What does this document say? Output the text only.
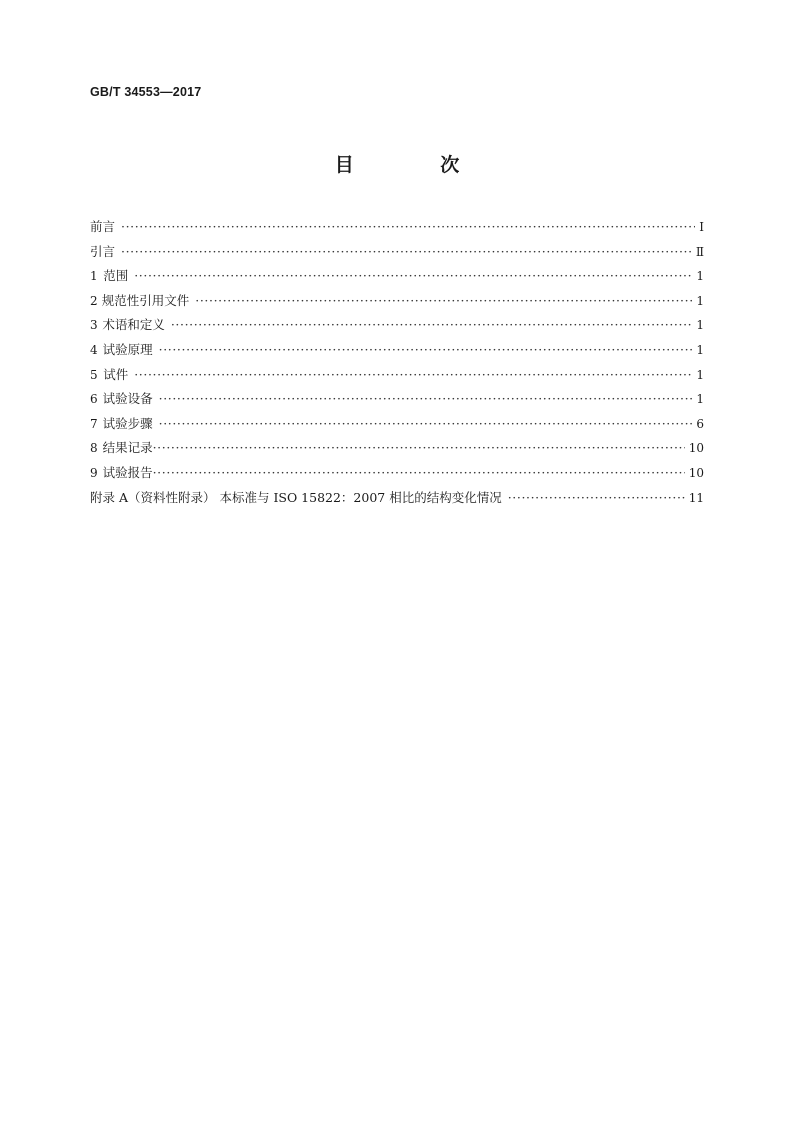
GB/T 34553—2017
目 次
前言 ·····	Ⅰ
引言 ·····	Ⅱ
1 范围 ·····	1
2 规范性引用文件 ·····	1
3 术语和定义 ·····	1
4 试验原理 ·····	1
5 试件 ·····	1
6 试验设备 ·····	1
7 试验步骤 ·····	6
8 结果记录 ·····	10
9 试验报告 ·····	10
附录 A（资料性附录） 本标准与 ISO 15822：2007 相比的结构变化情况 ·····	11
